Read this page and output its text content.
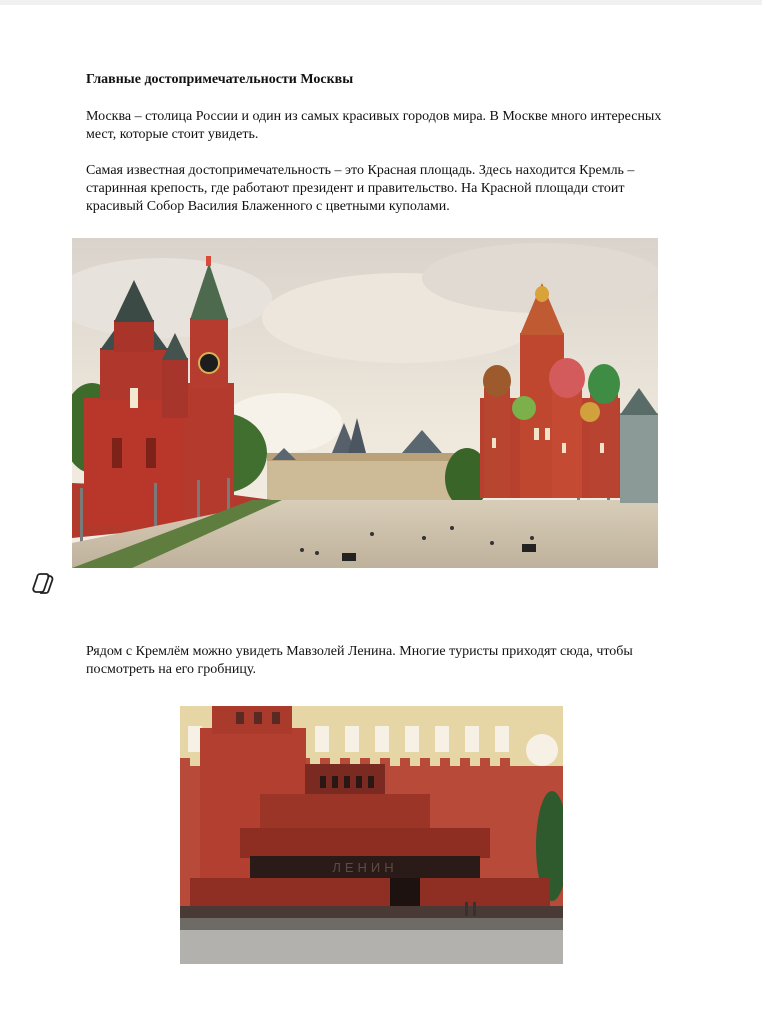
Главные достопримечательности Москвы

Москва – столица России и один из самых красивых городов мира. В Москве много интересных мест, которые стоит увидеть.

Самая известная достопримечательность – это Красная площадь. Здесь находится Кремль – старинная крепость, где работают президент и правительство. На Красной площади стоит красивый Собор Василия Блаженного с цветными куполами.

Рядом с Кремлём можно увидеть Мавзолей Ленина. Многие туристы приходят сюда, чтобы посмотреть на его гробницу.

ЛЕНИН
